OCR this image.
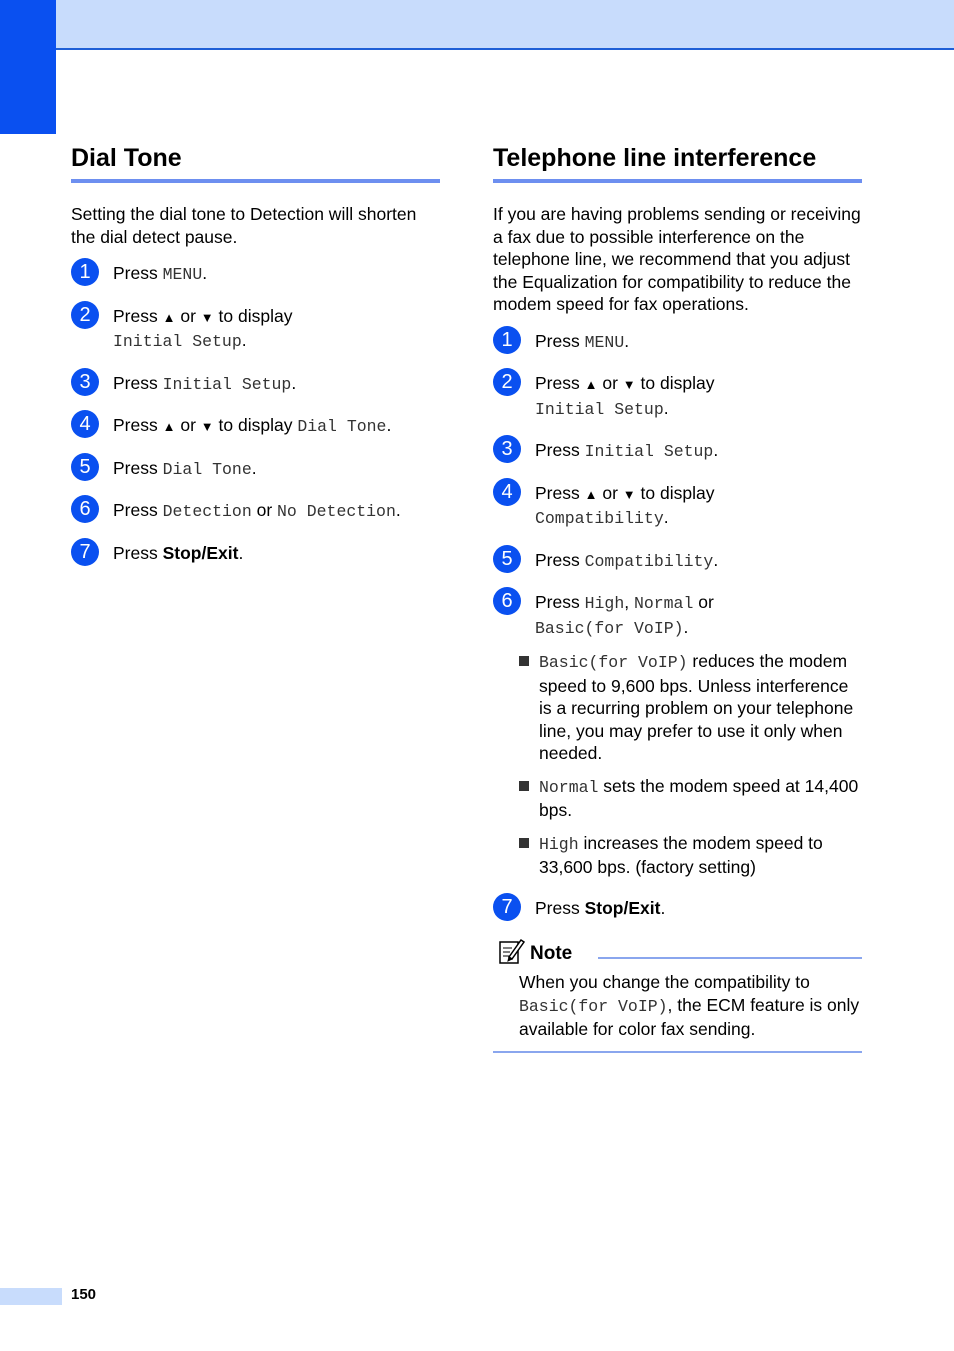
Dial Tone

Setting the dial tone to Detection will shorten the dial detect pause.

1	Press MENU.
2	Press ▲ or ▼ to display
Initial Setup.
3	Press Initial Setup.
4	Press ▲ or ▼ to display Dial Tone.
5	Press Dial Tone.
6	Press Detection or No Detection.
7	Press Stop/Exit.
Telephone line interference

If you are having problems sending or receiving a fax due to possible interference on the telephone line, we recommend that you adjust the Equalization for compatibility to reduce the modem speed for fax operations.

1	Press MENU.
2	Press ▲ or ▼ to display
Initial Setup.
3	Press Initial Setup.
4	Press ▲ or ▼ to display
Compatibility.
5	Press Compatibility.
6	Press High, Normal or
Basic(for VoIP).
Basic(for VoIP) reduces the modem speed to 9,600 bps. Unless interference is a recurring problem on your telephone line, you may prefer to use it only when needed.
Normal sets the modem speed at 14,400 bps.
High increases the modem speed to 33,600 bps. (factory setting)
7	Press Stop/Exit.
Note

When you change the compatibility to Basic(for VoIP), the ECM feature is only available for color fax sending.

150
